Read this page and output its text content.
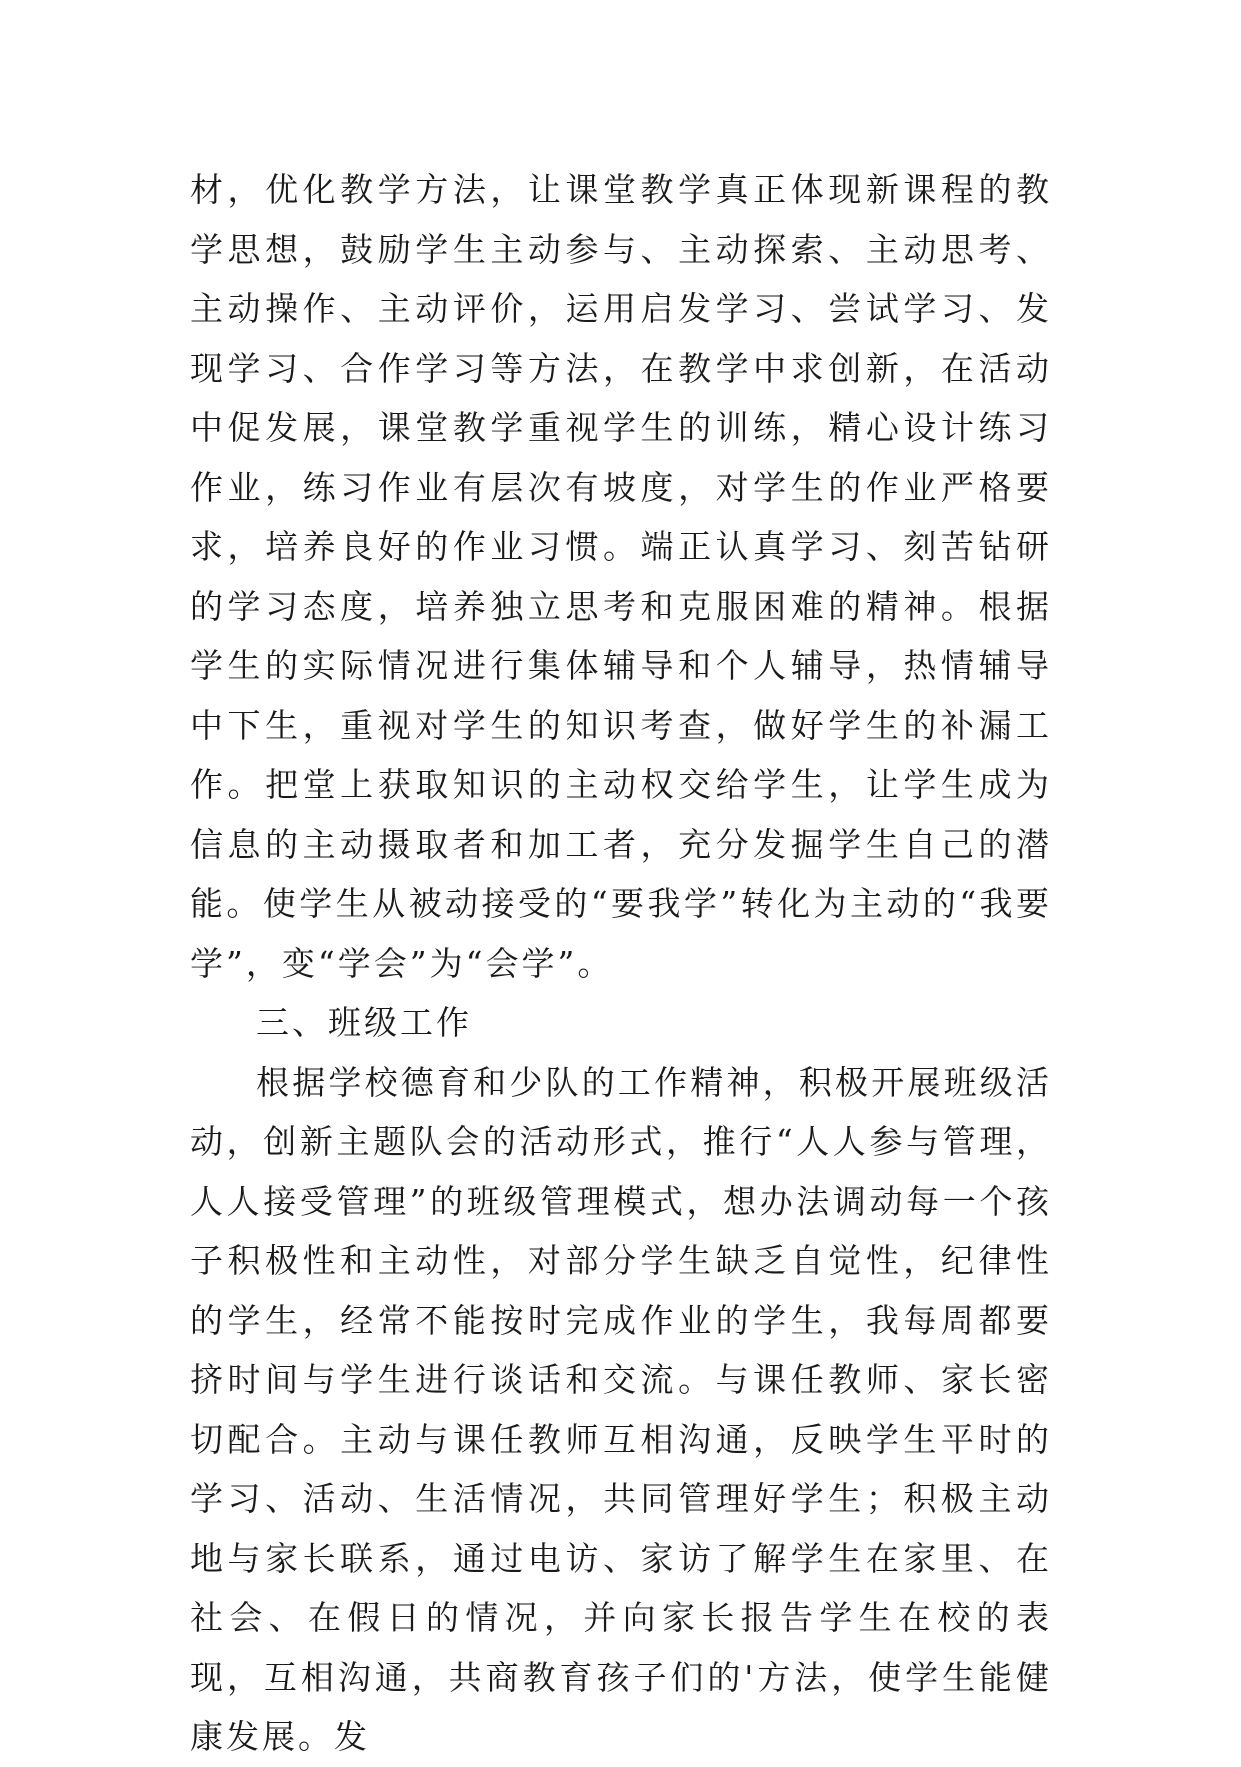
材，优化教学方法，让课堂教学真正体现新课程的教学思想，鼓励学生主动参与、主动探索、主动思考、主动操作、主动评价，运用启发学习、尝试学习、发现学习、合作学习等方法，在教学中求创新，在活动中促发展，课堂教学重视学生的训练，精心设计练习作业，练习作业有层次有坡度，对学生的作业严格要求，培养良好的作业习惯。端正认真学习、刻苦钻研的学习态度，培养独立思考和克服困难的精神。根据学生的实际情况进行集体辅导和个人辅导，热情辅导中下生，重视对学生的知识考查，做好学生的补漏工作。把堂上获取知识的主动权交给学生，让学生成为信息的主动摄取者和加工者，充分发掘学生自己的潜能。使学生从被动接受的“要我学”转化为主动的“我要学”，变“学会”为“会学”。

三、班级工作

根据学校德育和少队的工作精神，积极开展班级活动，创新主题队会的活动形式，推行“人人参与管理，人人接受管理”的班级管理模式，想办法调动每一个孩子积极性和主动性，对部分学生缺乏自觉性，纪律性的学生，经常不能按时完成作业的学生，我每周都要挤时间与学生进行谈话和交流。与课任教师、家长密切配合。主动与课任教师互相沟通，反映学生平时的学习、活动、生活情况，共同管理好学生；积极主动地与家长联系，通过电访、家访了解学生在家里、在社会、在假日的情况，并向家长报告学生在校的表现，互相沟通，共商教育孩子们的'方法，使学生能健康发展。发
